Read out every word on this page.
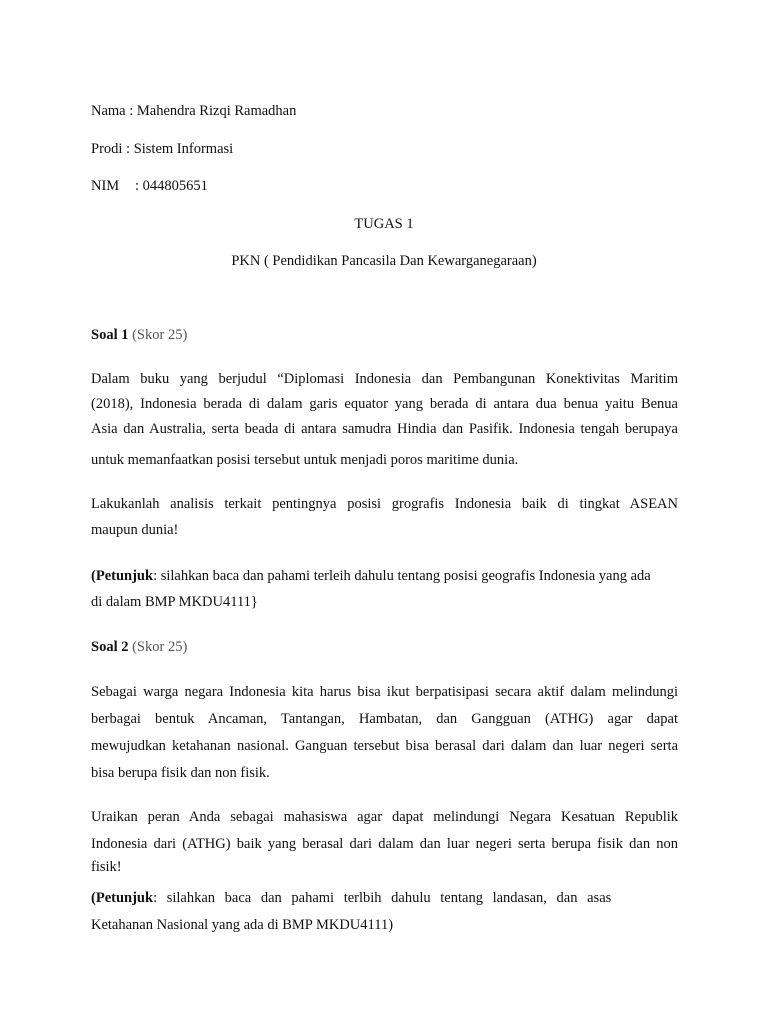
Nama : Mahendra Rizqi Ramadhan
Prodi : Sistem Informasi
NIM : 044805651
TUGAS 1
PKN ( Pendidikan Pancasila Dan Kewarganegaraan)
Soal 1 (Skor 25)
Dalam buku yang berjudul “Diplomasi Indonesia dan Pembangunan Konektivitas Maritim
(2018), Indonesia berada di dalam garis equator yang berada di antara dua benua yaitu Benua
Asia dan Australia, serta beada di antara samudra Hindia dan Pasifik. Indonesia tengah berupaya
untuk memanfaatkan posisi tersebut untuk menjadi poros maritime dunia.
Lakukanlah analisis terkait pentingnya posisi grografis Indonesia baik di tingkat ASEAN
maupun dunia!
(Petunjuk: silahkan baca dan pahami terleih dahulu tentang posisi geografis Indonesia yang ada
di dalam BMP MKDU4111}
Soal 2 (Skor 25)
Sebagai warga negara Indonesia kita harus bisa ikut berpatisipasi secara aktif dalam melindungi
berbagai bentuk Ancaman, Tantangan, Hambatan, dan Gangguan (ATHG) agar dapat
mewujudkan ketahanan nasional. Ganguan tersebut bisa berasal dari dalam dan luar negeri serta
bisa berupa fisik dan non fisik.
Uraikan peran Anda sebagai mahasiswa agar dapat melindungi Negara Kesatuan Republik
Indonesia dari (ATHG) baik yang berasal dari dalam dan luar negeri serta berupa fisik dan non
fisik!
(Petunjuk: silahkan baca dan pahami terlbih dahulu tentang landasan, dan asas
Ketahanan Nasional yang ada di BMP MKDU4111)
